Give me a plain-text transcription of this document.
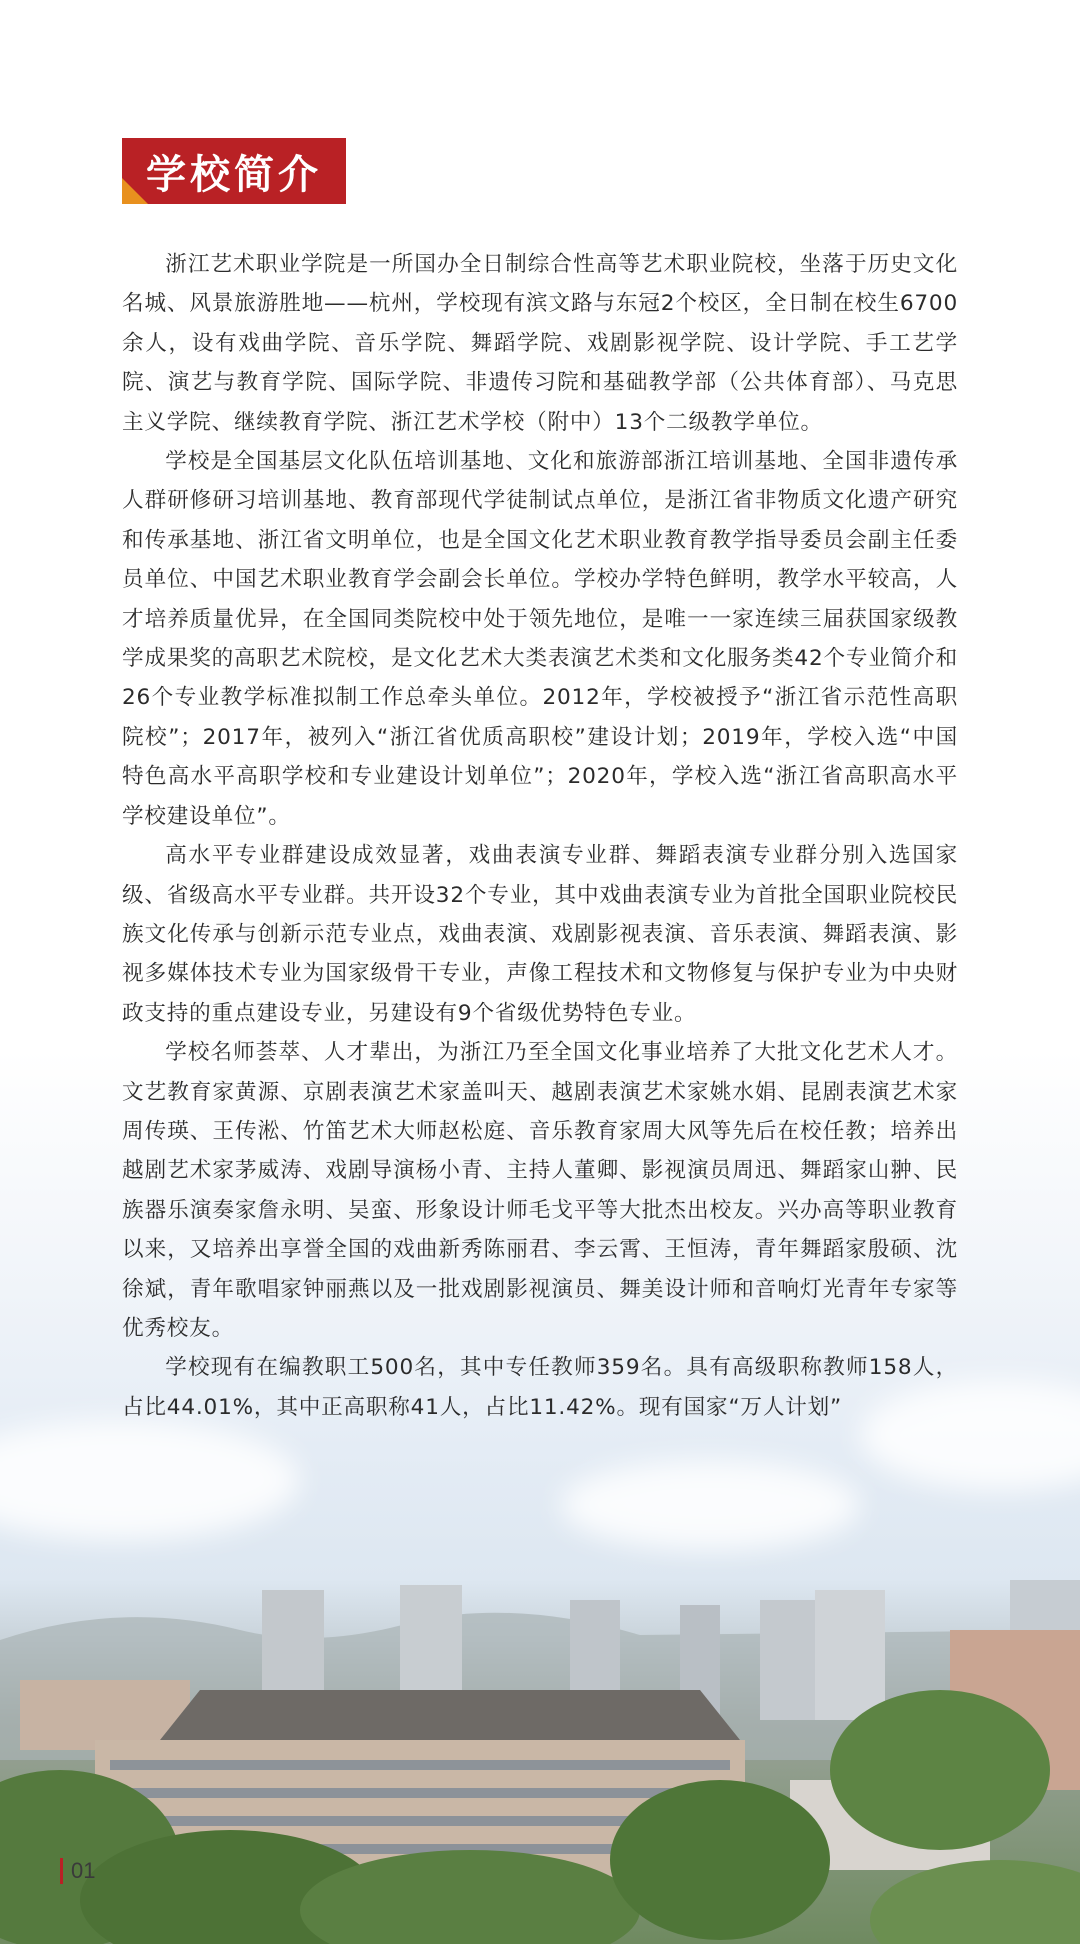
学校简介

浙江艺术职业学院是一所国办全日制综合性高等艺术职业院校，坐落于历史文化名城、风景旅游胜地——杭州，学校现有滨文路与东冠2个校区，全日制在校生6700余人，设有戏曲学院、音乐学院、舞蹈学院、戏剧影视学院、设计学院、手工艺学院、演艺与教育学院、国际学院、非遗传习院和基础教学部（公共体育部）、马克思主义学院、继续教育学院、浙江艺术学校（附中）13个二级教学单位。

学校是全国基层文化队伍培训基地、文化和旅游部浙江培训基地、全国非遗传承人群研修研习培训基地、教育部现代学徒制试点单位，是浙江省非物质文化遗产研究和传承基地、浙江省文明单位，也是全国文化艺术职业教育教学指导委员会副主任委员单位、中国艺术职业教育学会副会长单位。学校办学特色鲜明，教学水平较高，人才培养质量优异，在全国同类院校中处于领先地位，是唯一一家连续三届获国家级教学成果奖的高职艺术院校，是文化艺术大类表演艺术类和文化服务类42个专业简介和26个专业教学标准拟制工作总牵头单位。2012年，学校被授予“浙江省示范性高职院校”；2017年，被列入“浙江省优质高职校”建设计划；2019年，学校入选“中国特色高水平高职学校和专业建设计划单位”；2020年，学校入选“浙江省高职高水平学校建设单位”。

高水平专业群建设成效显著，戏曲表演专业群、舞蹈表演专业群分别入选国家级、省级高水平专业群。共开设32个专业，其中戏曲表演专业为首批全国职业院校民族文化传承与创新示范专业点，戏曲表演、戏剧影视表演、音乐表演、舞蹈表演、影视多媒体技术专业为国家级骨干专业，声像工程技术和文物修复与保护专业为中央财政支持的重点建设专业，另建设有9个省级优势特色专业。

学校名师荟萃、人才辈出，为浙江乃至全国文化事业培养了大批文化艺术人才。文艺教育家黄源、京剧表演艺术家盖叫天、越剧表演艺术家姚水娟、昆剧表演艺术家周传瑛、王传淞、竹笛艺术大师赵松庭、音乐教育家周大风等先后在校任教；培养出越剧艺术家茅威涛、戏剧导演杨小青、主持人董卿、影视演员周迅、舞蹈家山翀、民族器乐演奏家詹永明、吴蛮、形象设计师毛戈平等大批杰出校友。兴办高等职业教育以来，又培养出享誉全国的戏曲新秀陈丽君、李云霄、王恒涛，青年舞蹈家殷硕、沈徐斌，青年歌唱家钟丽燕以及一批戏剧影视演员、舞美设计师和音响灯光青年专家等优秀校友。

学校现有在编教职工500名，其中专任教师359名。具有高级职称教师158人，占比44.01%，其中正高职称41人，占比11.42%。现有国家“万人计划”

01
